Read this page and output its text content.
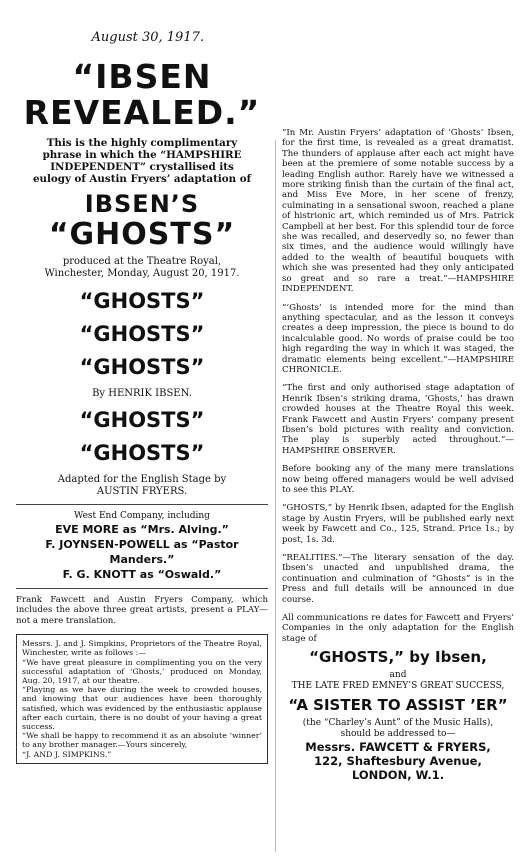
August 30, 1917.
“IBSEN
REVEALED.”

This is the highly complimentary phrase in which the “HAMPSHIRE INDEPENDENT” crystallised its eulogy of Austin Fryers’ adaptation of

IBSEN’S
“GHOSTS”

produced at the Theatre Royal, Winchester, Monday, August 20, 1917.

“GHOSTS”
“GHOSTS”
“GHOSTS”
By HENRIK IBSEN.
“GHOSTS”
“GHOSTS”

Adapted for the English Stage by AUSTIN FRYERS.

West End Company, including

EVE MORE as “Mrs. Alving.”
F. JOYNSEN-POWELL as “Pastor Manders.”
F. G. KNOTT as “Oswald.”

Frank Fawcett and Austin Fryers Company, which includes the above three great artists, present a PLAY—not a mere translation.

Messrs. J. and J. Simpkins, Proprietors of the Theatre Royal, Winchester, write as follows :—

“We have great pleasure in complimenting you on the very successful adaptation of ‘Ghosts,’ produced on Monday, Aug. 20, 1917, at our theatre.

“Playing as we have during the week to crowded houses, and knowing that our audiences have been thoroughly satisfied, which was evidenced by the enthusiastic applause after each curtain, there is no doubt of your having a great success.

“We shall be happy to recommend it as an absolute ‘winner’ to any brother manager.—Yours sincerely,

“J. AND J. SIMPKINS.”

“In Mr. Austin Fryers’ adaptation of ‘Ghosts’ Ibsen, for the first time, is revealed as a great dramatist. The thunders of applause after each act might have been at the premiere of some notable success by a leading English author. Rarely have we witnessed a more striking finish than the curtain of the final act, and Miss Eve More, in her scene of frenzy, culminating in a sensational swoon, reached a plane of histrionic art, which reminded us of Mrs. Patrick Campbell at her best. For this splendid tour de force she was recalled, and deservedly so, no fewer than six times, and the audience would willingly have added to the wealth of beautiful bouquets with which she was presented had they only anticipated so great and so rare a treat.”—HAMPSHIRE INDEPENDENT.

“‘Ghosts’ is intended more for the mind than anything spectacular, and as the lesson it conveys creates a deep impression, the piece is bound to do incalculable good. No words of praise could be too high regarding the way in which it was staged, the dramatic elements being excellent.”—HAMPSHIRE CHRONICLE.

“The first and only authorised stage adaptation of Henrik Ibsen’s striking drama, ‘Ghosts,’ has drawn crowded houses at the Theatre Royal this week. Frank Fawcett and Austin Fryers’ company present Ibsen’s bold pictures with reality and conviction. The play is superbly acted throughout.”—HAMPSHIRE OBSERVER.

Before booking any of the many mere translations now being offered managers would be well advised to see this PLAY.

“GHOSTS,” by Henrik Ibsen, adapted for the English stage by Austin Fryers, will be published early next week by Fawcett and Co., 125, Strand. Price 1s.; by post, 1s. 3d.

“REALITIES.”—The literary sensation of the day. Ibsen’s unacted and unpublished drama, the continuation and culmination of “Ghosts” is in the Press and full details will be announced in due course.

All communications re dates for Fawcett and Fryers’ Companies in the only adaptation for the English stage of

“GHOSTS,” by Ibsen,

and

THE LATE FRED EMNEY’S GREAT SUCCESS,

“A SISTER TO ASSIST ’ER”

(the “Charley’s Aunt” of the Music Halls),

should be addressed to—

Messrs. FAWCETT & FRYERS,
122, Shaftesbury Avenue,
LONDON, W.1.
